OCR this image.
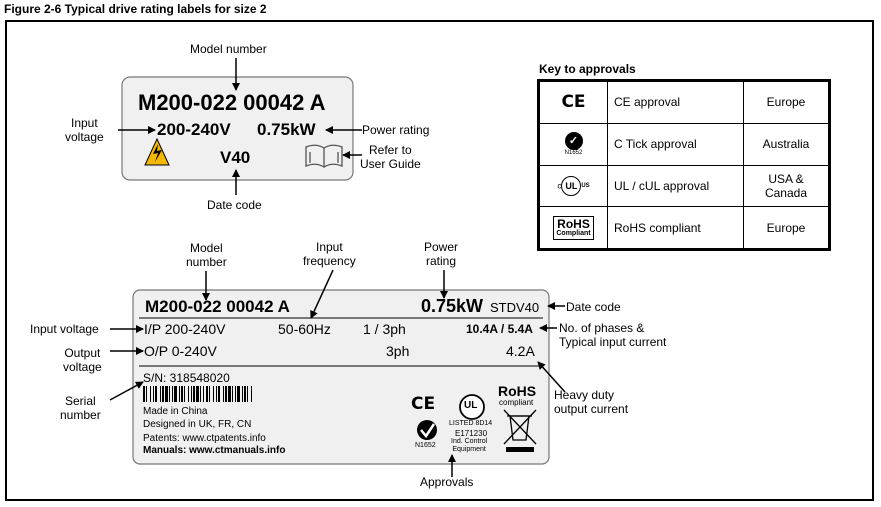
Figure 2-6 Typical drive rating labels for size 2
M200-022 00042 A
200-240V 0.75kW
V40
Model number
Input
voltage	Power rating
Refer to
User Guide
Date code
Key to approvals
CE	CE approval	Europe
✓
N1652	C Tick approval	Australia
c UL US	UL / cUL approval	USA &
Canada
RoHS
Compliant	RoHS compliant	Europe
Model
number
Input
frequency
Power
rating
Date code
Input voltage	No. of phases &
Typical input current
Output
voltage
Serial
number
Heavy duty
output current
Approvals
M200-022 00042 A	0.75kW STDV40
I/P 200-240V	50-60Hz 1 / 3ph	10.4A / 5.4A
O/P 0-240V	3ph	4.2A
S/N: 318548020
Made in China
Designed in UK, FR, CN
Patents: www.ctpatents.info
Manuals: www.ctmanuals.info
CE
N1652
UL
LISTED 8D14
E171230
Ind. Control
Equipment
RoHS
compliant
